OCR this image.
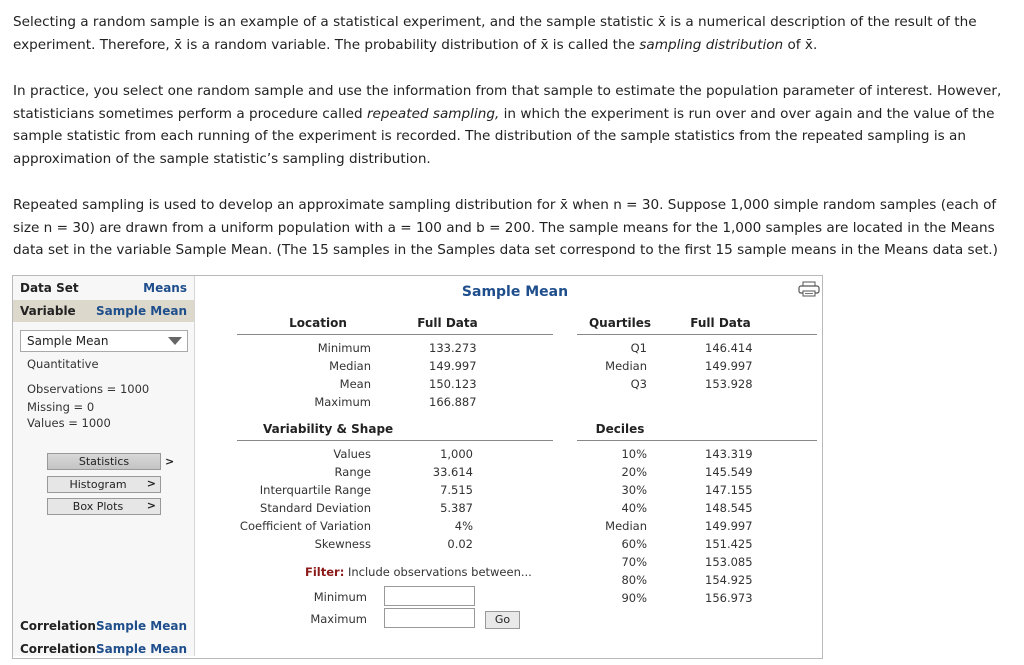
Selecting a random sample is an example of a statistical experiment, and the sample statistic x̄ is a numerical description of the result of the experiment. Therefore, x̄ is a random variable. The probability distribution of x̄ is called the sampling distribution of x̄.

In practice, you select one random sample and use the information from that sample to estimate the population parameter of interest. However, statisticians sometimes perform a procedure called repeated sampling, in which the experiment is run over and over again and the value of the sample statistic from each running of the experiment is recorded. The distribution of the sample statistics from the repeated sampling is an approximation of the sample statistic’s sampling distribution.

Repeated sampling is used to develop an approximate sampling distribution for x̄ when n = 30. Suppose 1,000 simple random samples (each of size n = 30) are drawn from a uniform population with a = 100 and b = 200. The sample means for the 1,000 samples are located in the Means data set in the variable Sample Mean. (The 15 samples in the Samples data set correspond to the first 15 sample means in the Means data set.)

Data Set	Means
Variable Sample Mean
Sample Mean
Quantitative
Observations = 1000
Missing = 0
Values = 1000
Statistics	>
Histogram	>
Box Plots	>
Correlation Sample Mean
Correlation Sample Mean
Sample Mean
Location	Full Data	Quartiles	Full Data
Minimum	133.273
Median	149.997
Mean	150.123
Maximum	166.887
Q1	146.414
Median	149.997
Q3	153.928
Variability & Shape	Deciles
Values	1,000
Range	33.614
Interquartile Range	7.515
Standard Deviation	5.387
Coefficient of Variation	4%
Skewness	0.02
10%	143.319
20%	145.549
30%	147.155
40%	148.545
Median	149.997
60%	151.425
70%	153.085
80%	154.925
90%	156.973
Filter: Include observations between...
Minimum
Maximum	Go
